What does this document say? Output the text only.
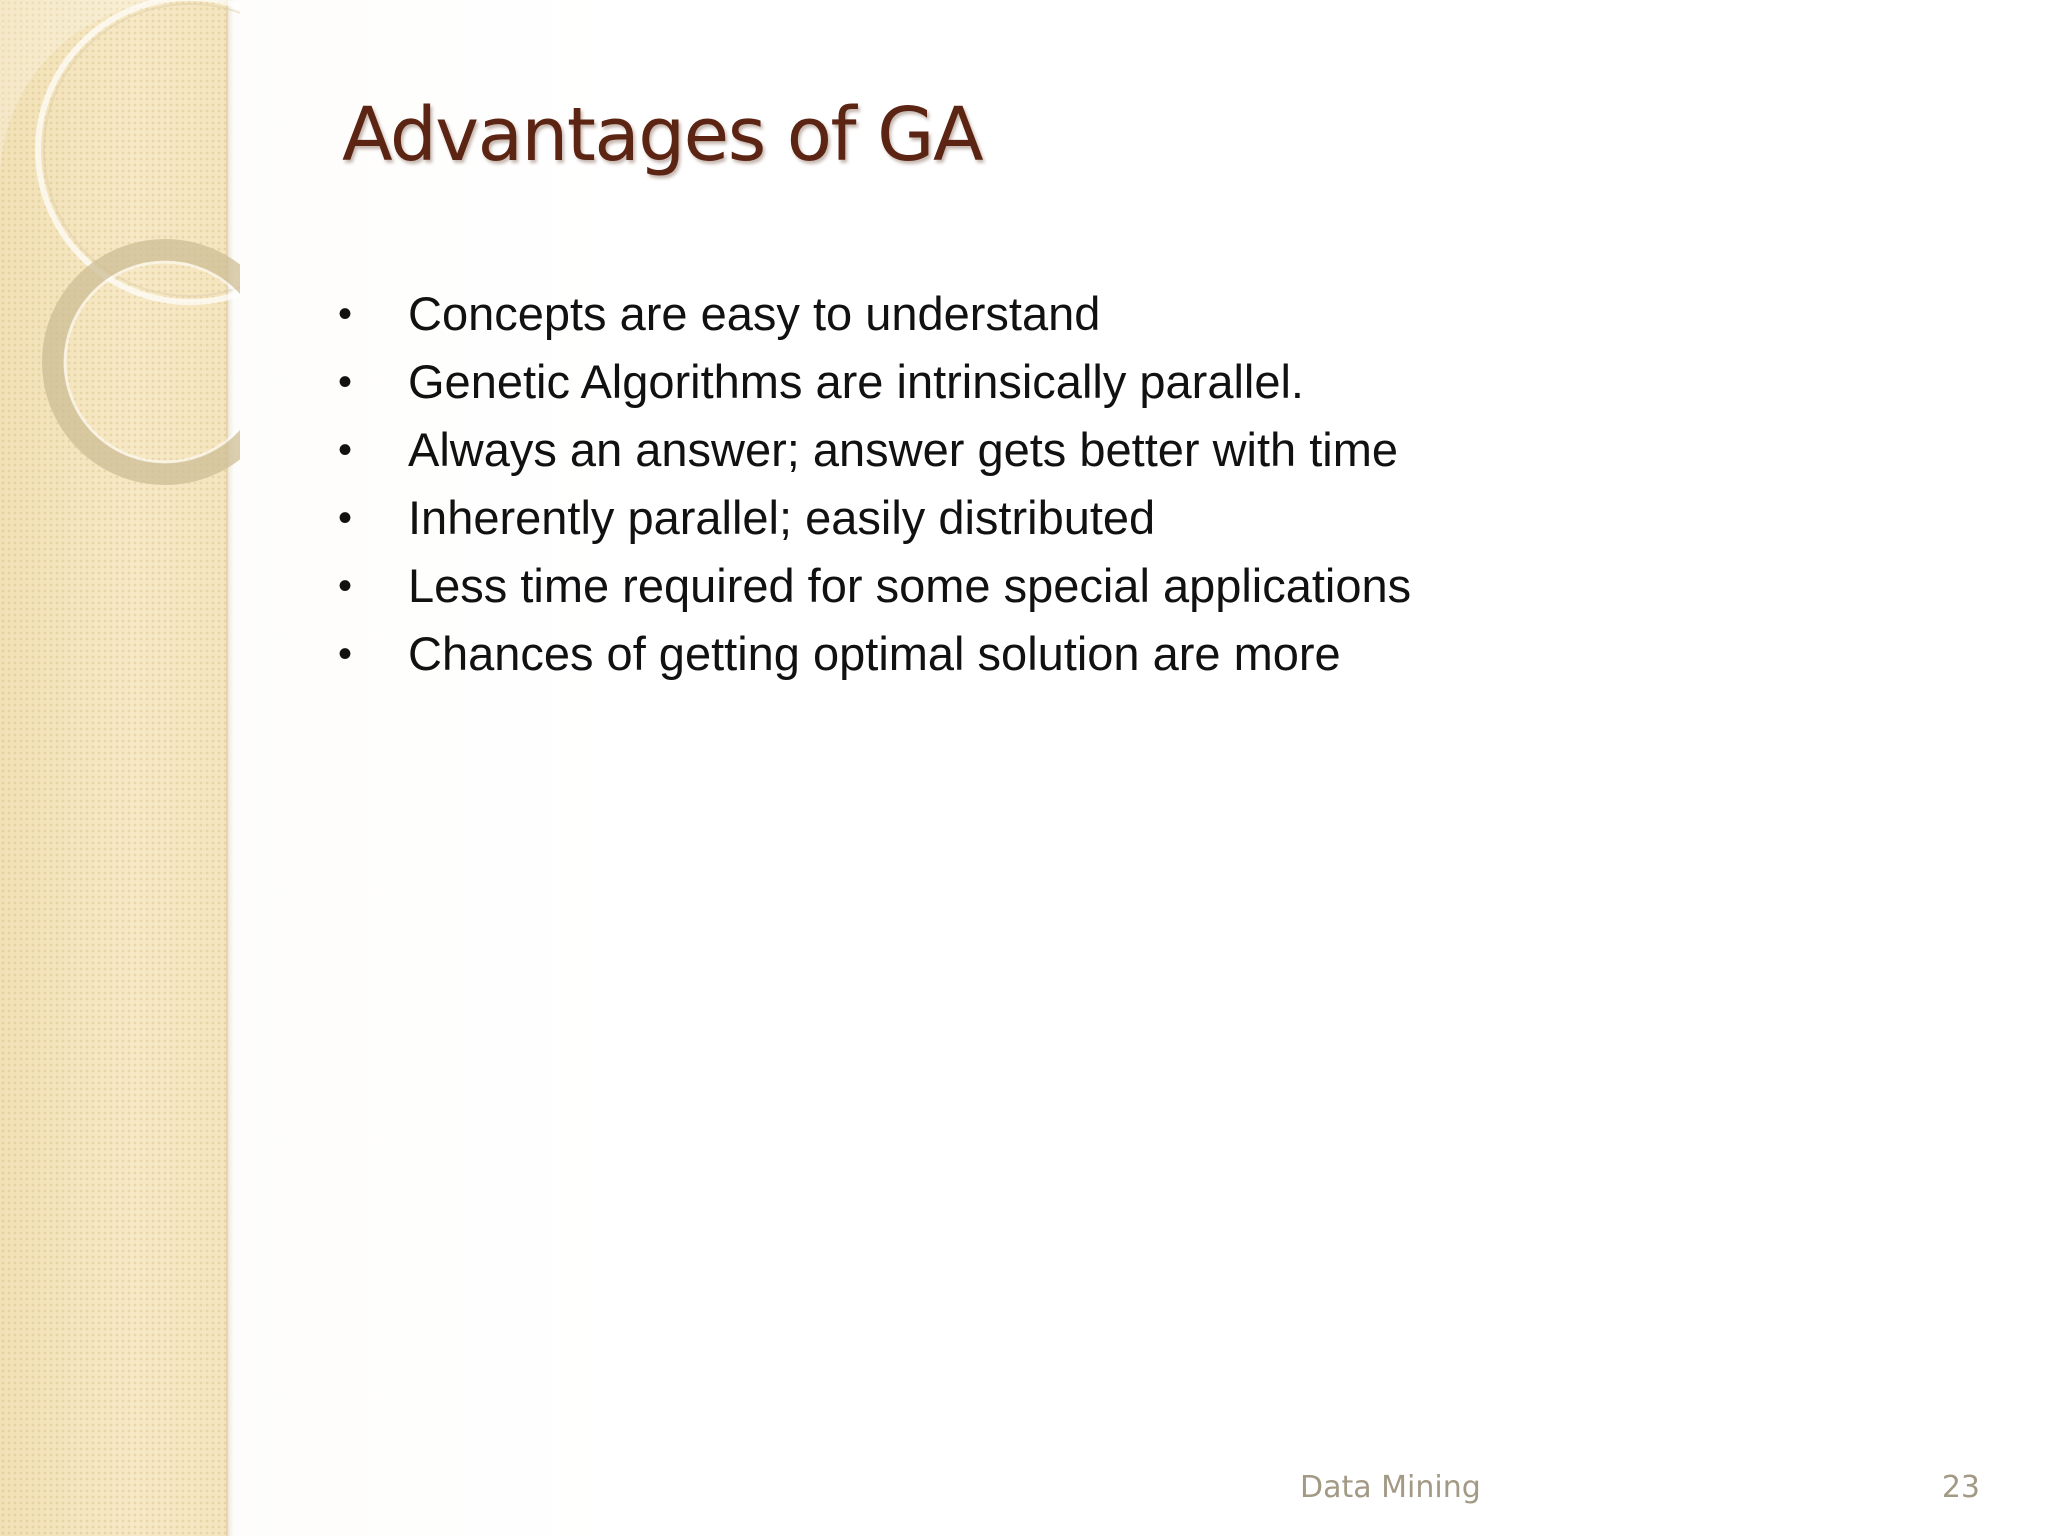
Advantages of GA
• Concepts are easy to understand
• Genetic Algorithms are intrinsically parallel.
• Always an answer; answer gets better with time
• Inherently parallel; easily distributed
• Less time required for some special applications
• Chances of getting optimal solution are more
Data Mining	23
